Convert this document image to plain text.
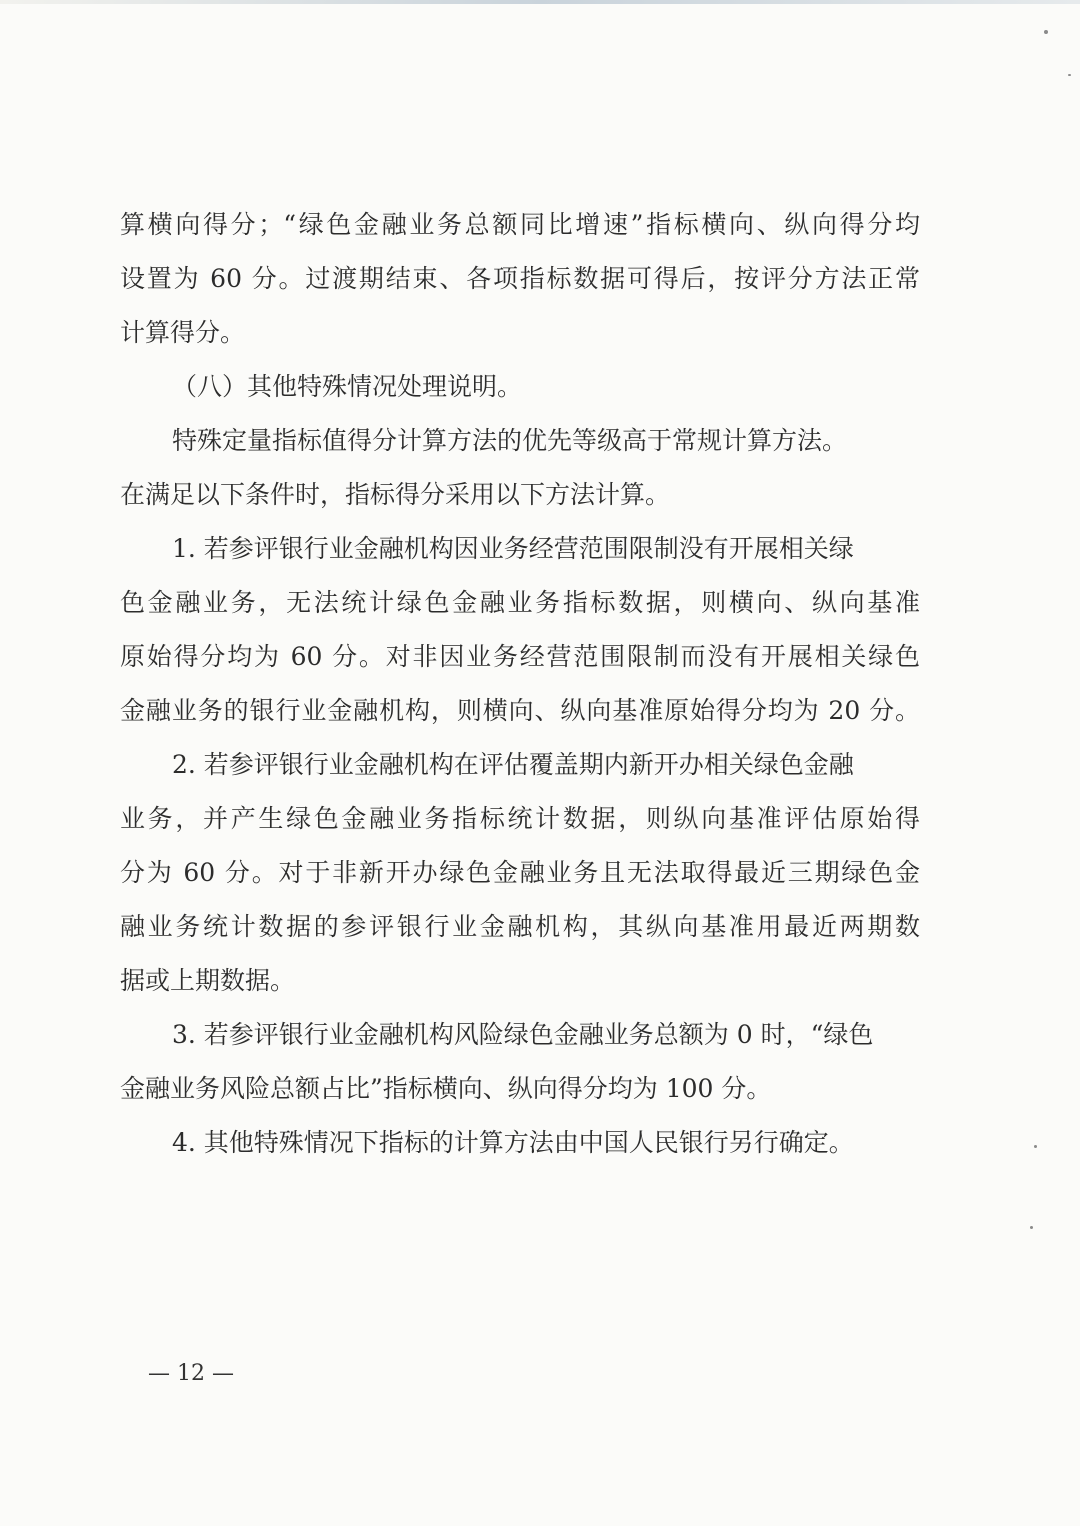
算横向得分；“绿色金融业务总额同比增速”指标横向、纵向得分均
设置为 60 分。过渡期结束、各项指标数据可得后，按评分方法正常
计算得分。
（八）其他特殊情况处理说明。
特殊定量指标值得分计算方法的优先等级高于常规计算方法。
在满足以下条件时，指标得分采用以下方法计算。
1. 若参评银行业金融机构因业务经营范围限制没有开展相关绿
色金融业务，无法统计绿色金融业务指标数据，则横向、纵向基准
原始得分均为 60 分。对非因业务经营范围限制而没有开展相关绿色
金融业务的银行业金融机构，则横向、纵向基准原始得分均为 20 分。
2. 若参评银行业金融机构在评估覆盖期内新开办相关绿色金融
业务，并产生绿色金融业务指标统计数据，则纵向基准评估原始得
分为 60 分。对于非新开办绿色金融业务且无法取得最近三期绿色金
融业务统计数据的参评银行业金融机构，其纵向基准用最近两期数
据或上期数据。
3. 若参评银行业金融机构风险绿色金融业务总额为 0 时，“绿色
金融业务风险总额占比”指标横向、纵向得分均为 100 分。
4. 其他特殊情况下指标的计算方法由中国人民银行另行确定。
— 12 —
